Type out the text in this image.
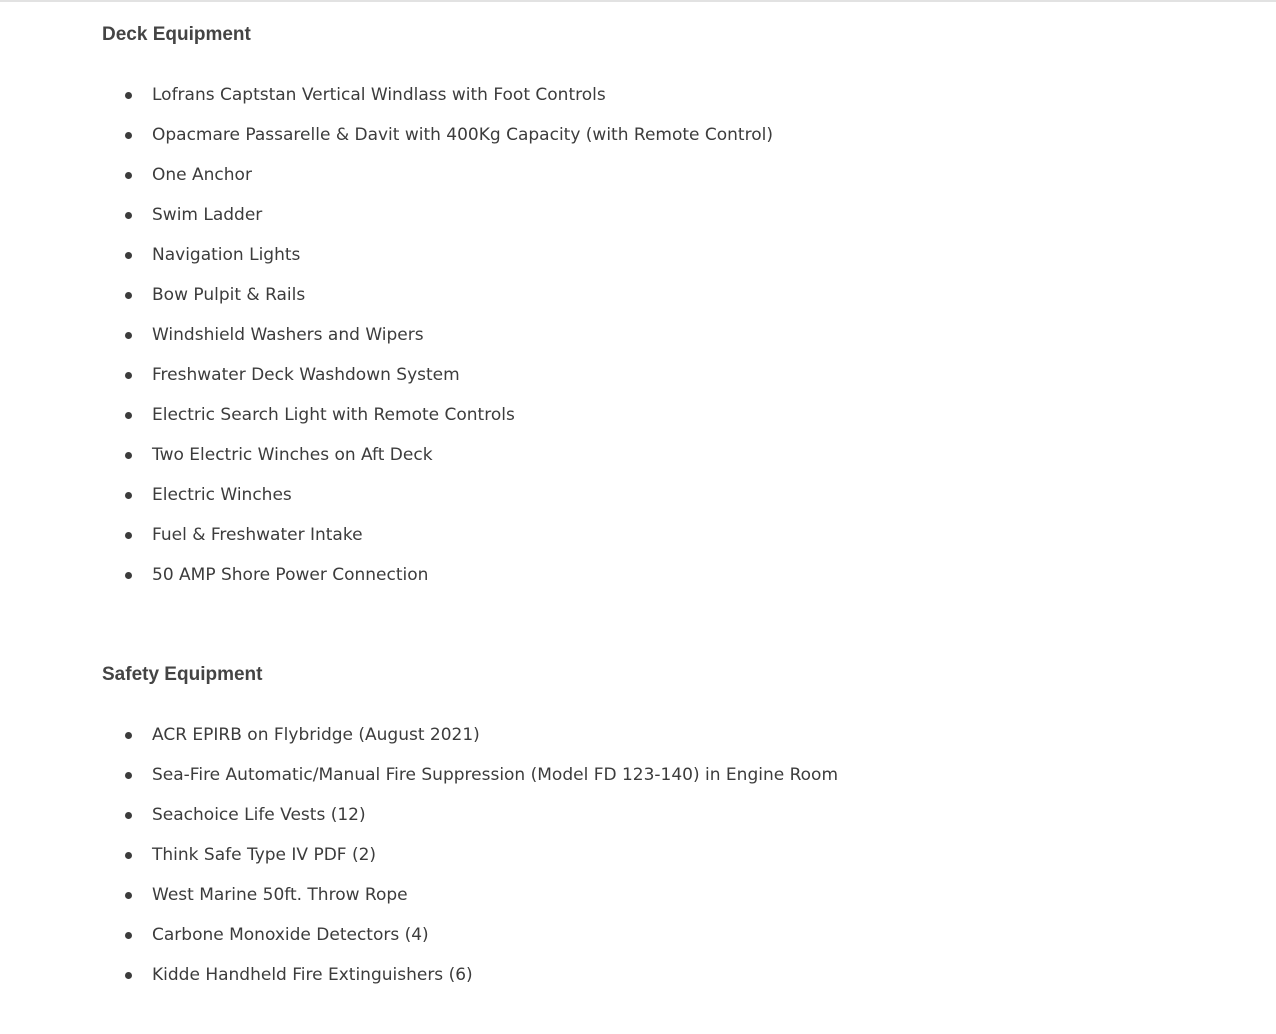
Deck Equipment
Lofrans Captstan Vertical Windlass with Foot Controls
Opacmare Passarelle & Davit with 400Kg Capacity (with Remote Control)
One Anchor
Swim Ladder
Navigation Lights
Bow Pulpit & Rails
Windshield Washers and Wipers
Freshwater Deck Washdown System
Electric Search Light with Remote Controls
Two Electric Winches on Aft Deck
Electric Winches
Fuel & Freshwater Intake
50 AMP Shore Power Connection
Safety Equipment
ACR EPIRB on Flybridge (August 2021)
Sea-Fire Automatic/Manual Fire Suppression (Model FD 123-140) in Engine Room
Seachoice Life Vests (12)
Think Safe Type IV PDF (2)
West Marine 50ft. Throw Rope
Carbone Monoxide Detectors (4)
Kidde Handheld Fire Extinguishers (6)
